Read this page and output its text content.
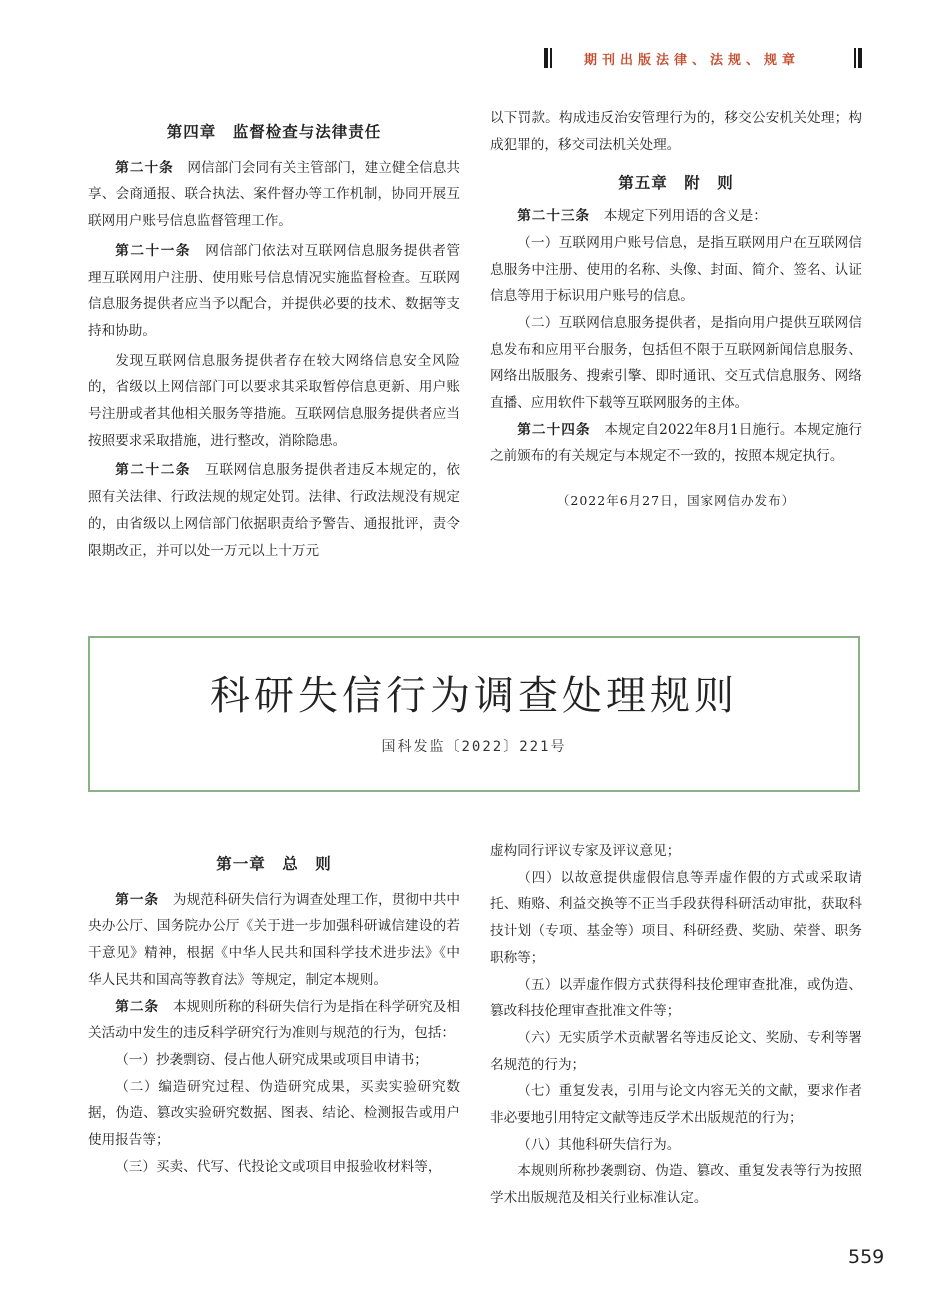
期刊出版法律、法规、规章
第四章　监督检查与法律责任

第二十条  网信部门会同有关主管部门，建立健全信息共享、会商通报、联合执法、案件督办等工作机制，协同开展互联网用户账号信息监督管理工作。

第二十一条  网信部门依法对互联网信息服务提供者管理互联网用户注册、使用账号信息情况实施监督检查。互联网信息服务提供者应当予以配合，并提供必要的技术、数据等支持和协助。

发现互联网信息服务提供者存在较大网络信息安全风险的，省级以上网信部门可以要求其采取暂停信息更新、用户账号注册或者其他相关服务等措施。互联网信息服务提供者应当按照要求采取措施，进行整改，消除隐患。

第二十二条  互联网信息服务提供者违反本规定的，依照有关法律、行政法规的规定处罚。法律、行政法规没有规定的，由省级以上网信部门依据职责给予警告、通报批评，责令限期改正，并可以处一万元以上十万元

以下罚款。构成违反治安管理行为的，移交公安机关处理；构成犯罪的，移交司法机关处理。

第五章　附　则

第二十三条  本规定下列用语的含义是：

（一）互联网用户账号信息，是指互联网用户在互联网信息服务中注册、使用的名称、头像、封面、简介、签名、认证信息等用于标识用户账号的信息。

（二）互联网信息服务提供者，是指向用户提供互联网信息发布和应用平台服务，包括但不限于互联网新闻信息服务、网络出版服务、搜索引擎、即时通讯、交互式信息服务、网络直播、应用软件下载等互联网服务的主体。

第二十四条  本规定自2022年8月1日施行。本规定施行之前颁布的有关规定与本规定不一致的，按照本规定执行。

（2022年6月27日，国家网信办发布）
科研失信行为调查处理规则
国科发监〔2022〕221号
第一章　总　则

第一条  为规范科研失信行为调查处理工作，贯彻中共中央办公厅、国务院办公厅《关于进一步加强科研诚信建设的若干意见》精神，根据《中华人民共和国科学技术进步法》《中华人民共和国高等教育法》等规定，制定本规则。

第二条  本规则所称的科研失信行为是指在科学研究及相关活动中发生的违反科学研究行为准则与规范的行为，包括：

（一）抄袭剽窃、侵占他人研究成果或项目申请书；

（二）编造研究过程、伪造研究成果，买卖实验研究数据，伪造、篡改实验研究数据、图表、结论、检测报告或用户使用报告等；

（三）买卖、代写、代投论文或项目申报验收材料等，

虚构同行评议专家及评议意见；

（四）以故意提供虚假信息等弄虚作假的方式或采取请托、贿赂、利益交换等不正当手段获得科研活动审批，获取科技计划（专项、基金等）项目、科研经费、奖励、荣誉、职务职称等；

（五）以弄虚作假方式获得科技伦理审查批准，或伪造、篡改科技伦理审查批准文件等；

（六）无实质学术贡献署名等违反论文、奖励、专利等署名规范的行为；

（七）重复发表，引用与论文内容无关的文献，要求作者非必要地引用特定文献等违反学术出版规范的行为；

（八）其他科研失信行为。

本规则所称抄袭剽窃、伪造、篡改、重复发表等行为按照学术出版规范及相关行业标准认定。

559
